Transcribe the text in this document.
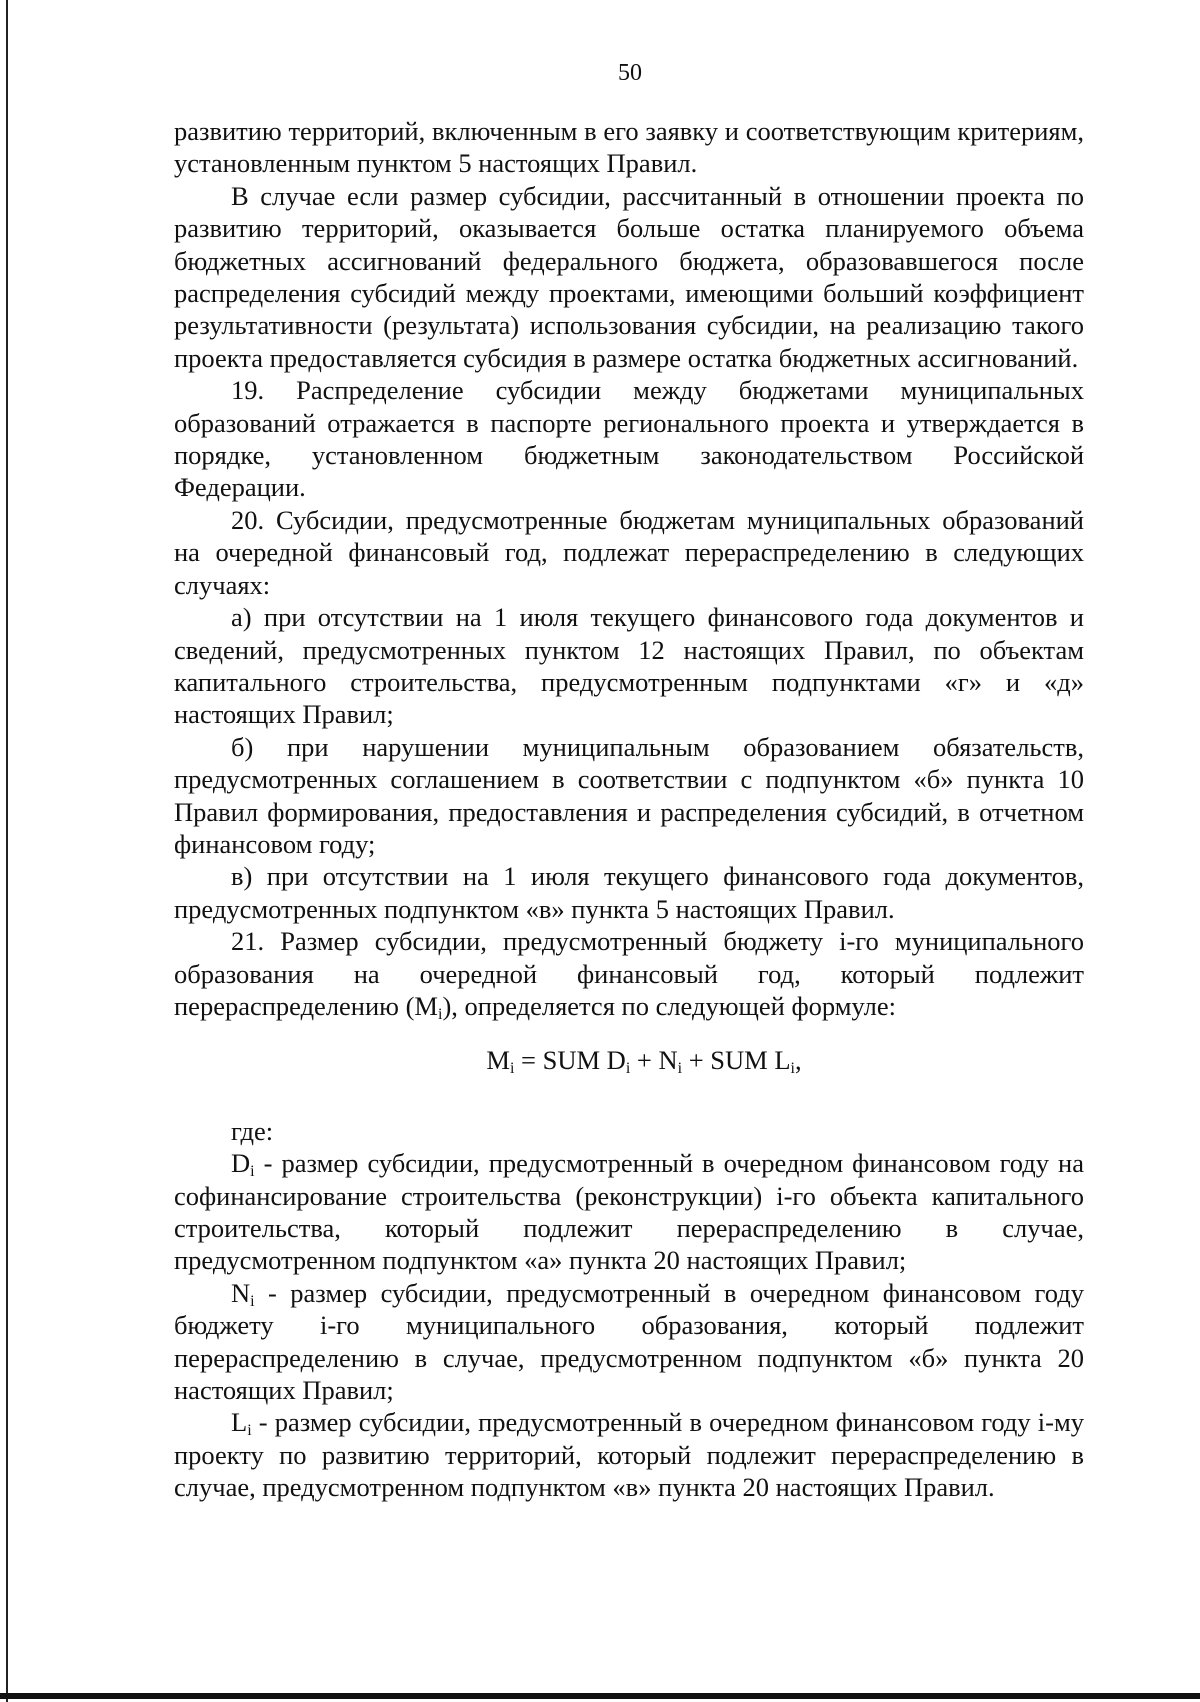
50

развитию территорий, включенным в его заявку и соответствующим критериям, установленным пунктом 5 настоящих Правил.

В случае если размер субсидии, рассчитанный в отношении проекта по развитию территорий, оказывается больше остатка планируемого объема бюджетных ассигнований федерального бюджета, образовавшегося после распределения субсидий между проектами, имеющими больший коэффициент результативности (результата) использования субсидии, на реализацию такого проекта предоставляется субсидия в размере остатка бюджетных ассигнований.

19. Распределение субсидии между бюджетами муниципальных образований отражается в паспорте регионального проекта и утверждается в порядке, установленном бюджетным законодательством Российской Федерации.

20. Субсидии, предусмотренные бюджетам муниципальных образований на очередной финансовый год, подлежат перераспределению в следующих случаях:

а) при отсутствии на 1 июля текущего финансового года документов и сведений, предусмотренных пунктом 12 настоящих Правил, по объектам капитального строительства, предусмотренным подпунктами «г» и «д» настоящих Правил;

б) при нарушении муниципальным образованием обязательств, предусмотренных соглашением в соответствии с подпунктом «б» пункта 10 Правил формирования, предоставления и распределения субсидий, в отчетном финансовом году;

в) при отсутствии на 1 июля текущего финансового года документов, предусмотренных подпунктом «в» пункта 5 настоящих Правил.

21. Размер субсидии, предусмотренный бюджету i-го муниципального образования на очередной финансовый год, который подлежит перераспределению $(M_i)$, определяется по следующей формуле:

$M_i$ = SUM $D_i + N_i$ + SUM $L_i$,

где:

$D_i$ - размер субсидии, предусмотренный в очередном финансовом году на софинансирование строительства (реконструкции) i-го объекта капитального строительства, который подлежит перераспределению в случае, предусмотренном подпунктом «а» пункта 20 настоящих Правил;

$N_i$ - размер субсидии, предусмотренный в очередном финансовом году бюджету i-го муниципального образования, который подлежит перераспределению в случае, предусмотренном подпунктом «б» пункта 20 настоящих Правил;

$L_i$ - размер субсидии, предусмотренный в очередном финансовом году i-му проекту по развитию территорий, который подлежит перераспределению в случае, предусмотренном подпунктом «в» пункта 20 настоящих Правил.
